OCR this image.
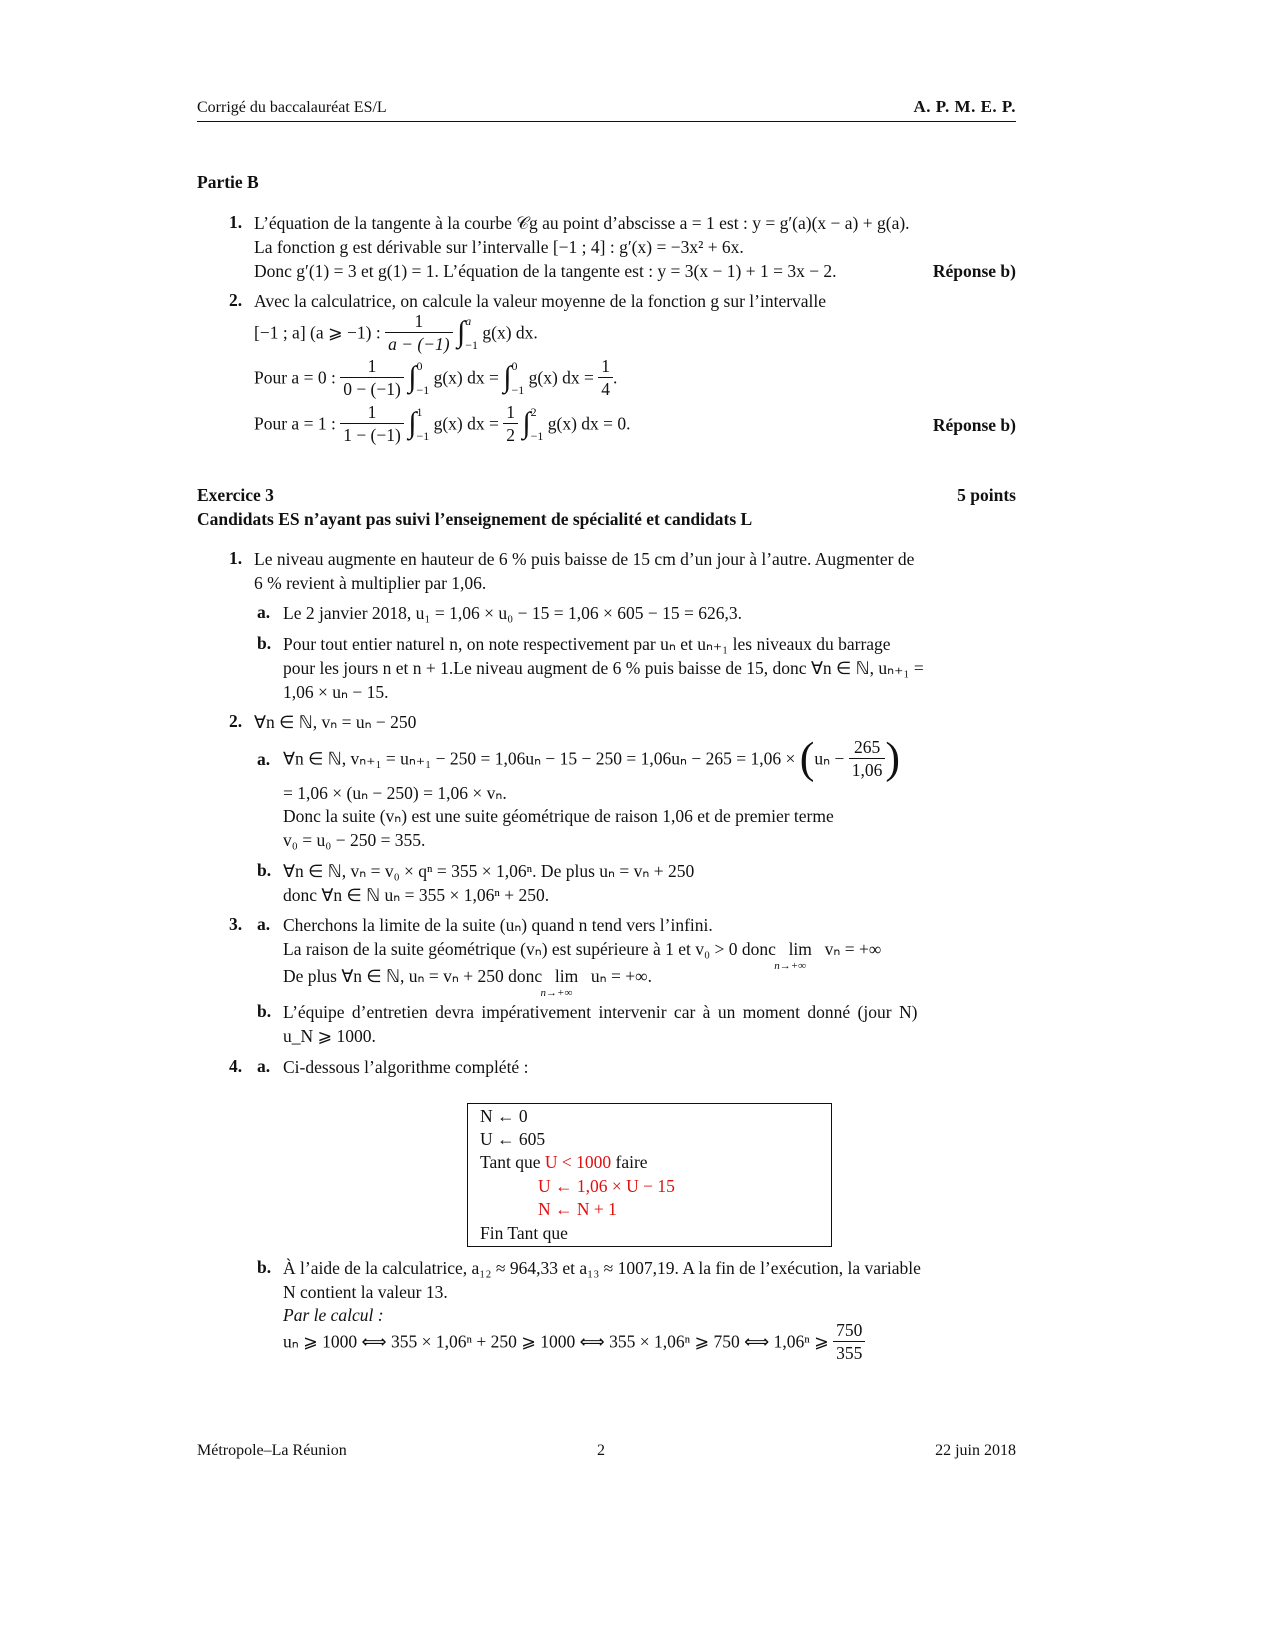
Corrigé du baccalauréat ES/L	A. P. M. E. P.
Partie B
1. L’équation de la tangente à la courbe 𝒞g au point d’abscisse a = 1 est : y = g′(a)(x − a) + g(a).
La fonction g est dérivable sur l’intervalle [−1 ; 4] : g′(x) = −3x² + 6x.
Donc g′(1) = 3 et g(1) = 1. L’équation de la tangente est : y = 3(x − 1) + 1 = 3x − 2.	Réponse b)
2. Avec la calculatrice, on calcule la valeur moyenne de la fonction g sur l’intervalle
[−1 ; a] (a ⩾ −1) : $\frac{1}{a - (-1)}$ ∫ a
−1
g(x) dx.
Pour a = 0 : $\frac{1}{0 - (-1)}$ ∫ 0
−1
g(x) dx = ∫ 0
−1
g(x) dx = $\frac{1}{4}$ .
Pour a = 1 : $\frac{1}{1 - (-1)}$ ∫ 1
−1
g(x) dx = $\frac{1}{2}$ ∫ 2
−1
g(x) dx = 0.	Réponse b)
Exercice 3	5 points
Candidats ES n’ayant pas suivi l’enseignement de spécialité et candidats L
1. Le niveau augmente en hauteur de 6 % puis baisse de 15 cm d’un jour à l’autre. Augmenter de
6 % revient à multiplier par 1,06.
a. Le 2 janvier 2018, u₁ = 1,06 × u₀ − 15 = 1,06 × 605 − 15 = 626,3.
b. Pour tout entier naturel n, on note respectivement par uₙ et uₙ₊₁ les niveaux du barrage
pour les jours n et n + 1.Le niveau augment de 6 % puis baisse de 15, donc ∀n ∈ ℕ, uₙ₊₁ =
1,06 × uₙ − 15.
2. ∀n ∈ ℕ, vₙ = uₙ − 250
a. ∀n ∈ ℕ, $v_{n+1} = u_{n+1} - 250 = 1,06u_n - 15 - 250 = 1,06u_n - 265 = 1,06 \times (u_n - \frac{265}{1,06}$ )
= 1,06 × (uₙ − 250) = 1,06 × vₙ.
Donc la suite (vₙ) est une suite géométrique de raison 1,06 et de premier terme
v₀ = u₀ − 250 = 355.
b. ∀n ∈ ℕ, vₙ = v₀ × qⁿ = 355 × 1,06ⁿ. De plus uₙ = vₙ + 250
donc ∀n ∈ ℕ uₙ = 355 × 1,06ⁿ + 250.
3. a. Cherchons la limite de la suite (uₙ) quand n tend vers l’infini.
La raison de la suite géométrique (vₙ) est supérieure à 1 et v₀ > 0 donc lim
n→+∞
vₙ = +∞
De plus ∀n ∈ ℕ, uₙ = vₙ + 250 donc lim
n→+∞
uₙ = +∞.
b. L’équipe d’entretien devra impérativement intervenir car à un moment donné (jour N)
u_N ⩾ 1000.
4. a. Ci-dessous l’algorithme complété :
N ← 0
U ← 605
Tant que U < 1000 faire
U ← 1,06 × U − 15
N ← N + 1
Fin Tant que
b. À l’aide de la calculatrice, a₁₂ ≈ 964,33 et a₁₃ ≈ 1007,19. A la fin de l’exécution, la variable
N contient la valeur 13.
Par le calcul :
uₙ ⩾ 1000 ⟺ 355 × 1,06ⁿ + 250 ⩾ 1000 ⟺ 355 × 1,06ⁿ ⩾ 750 ⟺ 1,06ⁿ ⩾ $\frac{750}{355}$
Métropole–La Réunion	2	22 juin 2018
